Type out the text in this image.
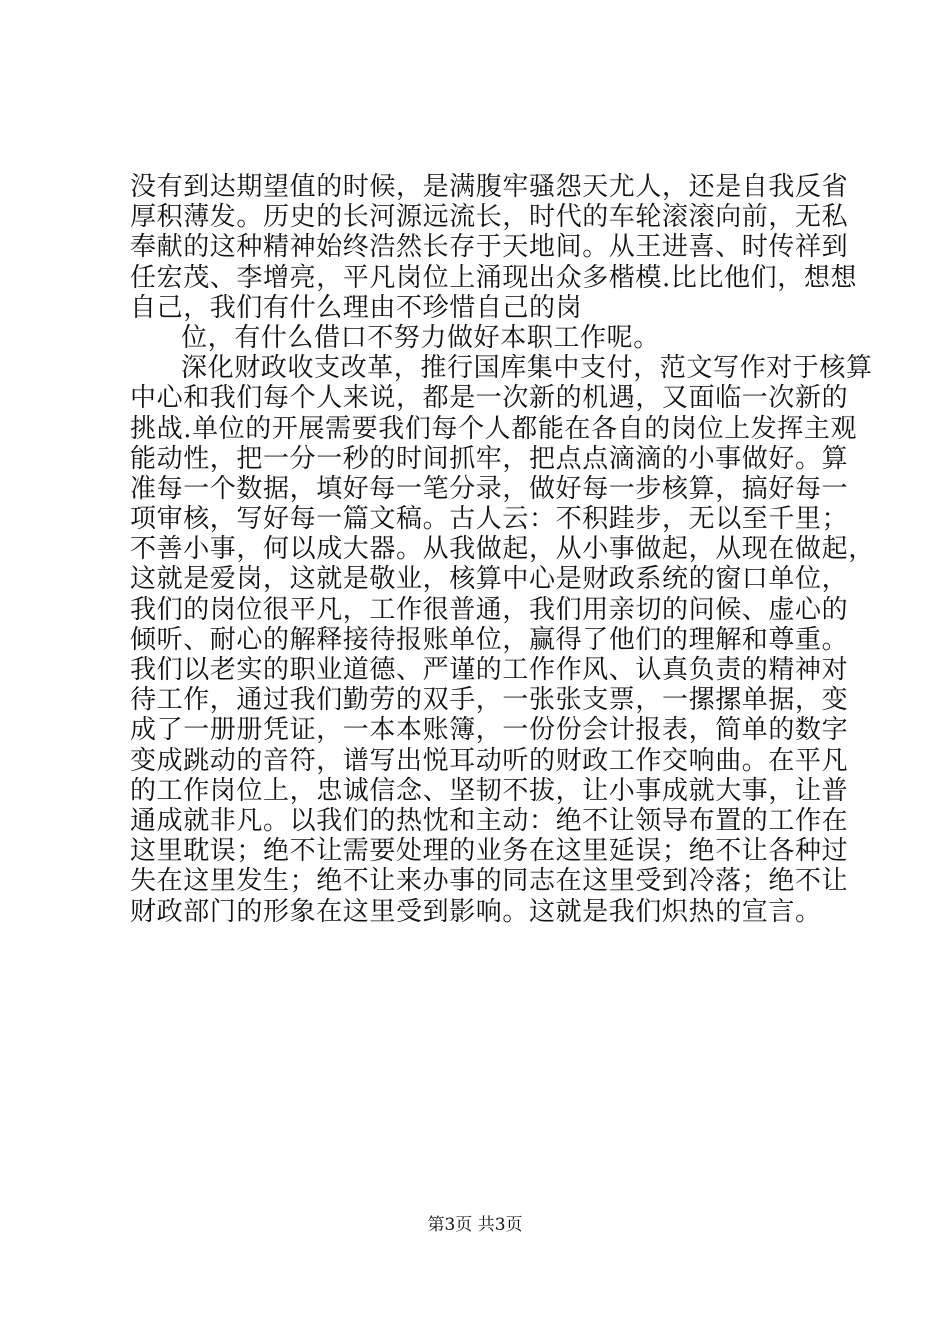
没有到达期望值的时候，是满腹牢骚怨天尤人，还是自我反省
厚积薄发。历史的长河源远流长，时代的车轮滚滚向前，无私
奉献的这种精神始终浩然长存于天地间。从王进喜、时传祥到
任宏茂、李增亮，平凡岗位上涌现出众多楷模.比比他们，想想
自己，我们有什么理由不珍惜自己的岗
位，有什么借口不努力做好本职工作呢。
深化财政收支改革，推行国库集中支付，范文写作对于核算
中心和我们每个人来说，都是一次新的机遇，又面临一次新的
挑战.单位的开展需要我们每个人都能在各自的岗位上发挥主观
能动性，把一分一秒的时间抓牢，把点点滴滴的小事做好。算
准每一个数据，填好每一笔分录，做好每一步核算，搞好每一
项审核，写好每一篇文稿。古人云：不积跬步，无以至千里；
不善小事，何以成大器。从我做起，从小事做起，从现在做起，
这就是爱岗，这就是敬业，核算中心是财政系统的窗口单位，
我们的岗位很平凡，工作很普通，我们用亲切的问候、虚心的
倾听、耐心的解释接待报账单位，赢得了他们的理解和尊重。
我们以老实的职业道德、严谨的工作作风、认真负责的精神对
待工作，通过我们勤劳的双手，一张张支票，一摞摞单据，变
成了一册册凭证，一本本账簿，一份份会计报表，简单的数字
变成跳动的音符，谱写出悦耳动听的财政工作交响曲。在平凡
的工作岗位上，忠诚信念、坚韧不拔，让小事成就大事，让普
通成就非凡。以我们的热忱和主动：绝不让领导布置的工作在
这里耽误；绝不让需要处理的业务在这里延误；绝不让各种过
失在这里发生；绝不让来办事的同志在这里受到冷落；绝不让
财政部门的形象在这里受到影响。这就是我们炽热的宣言。
第3页 共3页
